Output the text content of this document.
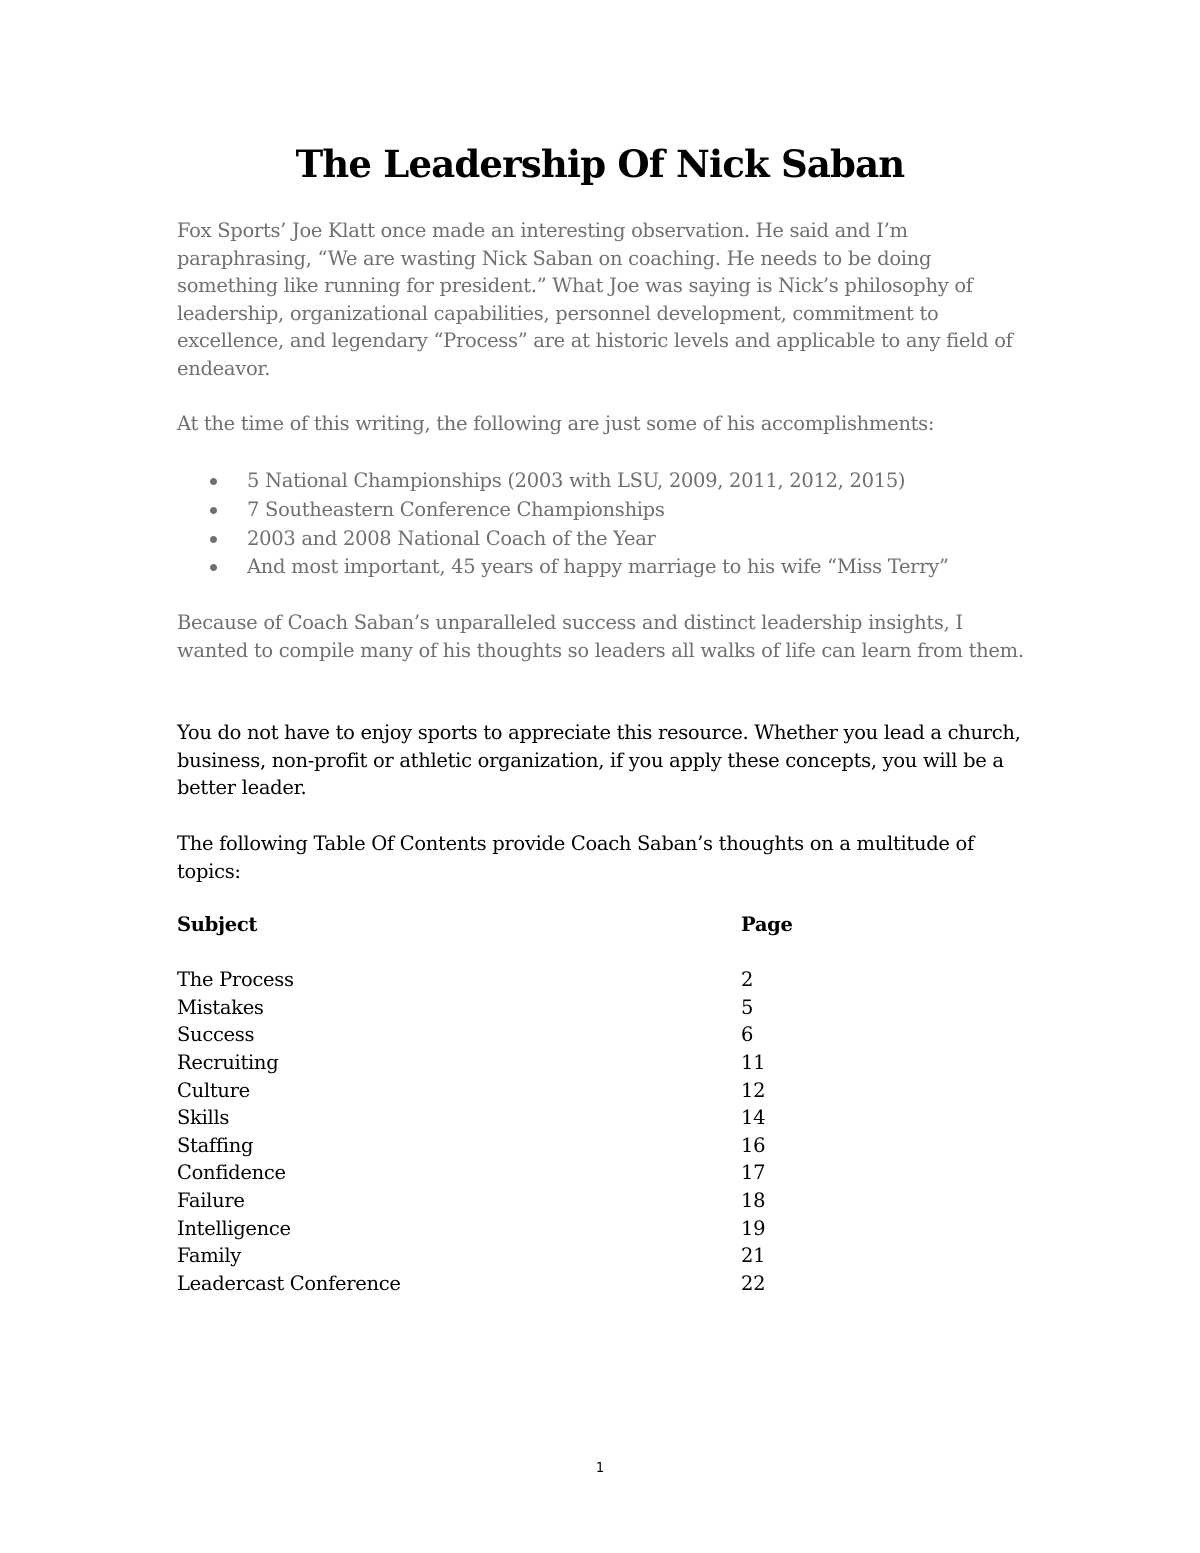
The Leadership Of Nick Saban

Fox Sports’ Joe Klatt once made an interesting observation. He said and I’m paraphrasing, “We are wasting Nick Saban on coaching. He needs to be doing something like running for president.” What Joe was saying is Nick’s philosophy of leadership, organizational capabilities, personnel development, commitment to excellence, and legendary “Process” are at historic levels and applicable to any field of endeavor.

At the time of this writing, the following are just some of his accomplishments:

5 National Championships (2003 with LSU, 2009, 2011, 2012, 2015)
7 Southeastern Conference Championships
2003 and 2008 National Coach of the Year
And most important, 45 years of happy marriage to his wife “Miss Terry”

Because of Coach Saban’s unparalleled success and distinct leadership insights, I wanted to compile many of his thoughts so leaders all walks of life can learn from them.

You do not have to enjoy sports to appreciate this resource. Whether you lead a church, business, non-profit or athletic organization, if you apply these concepts, you will be a better leader.

The following Table Of Contents provide Coach Saban’s thoughts on a multitude of topics:

Subject	Page
The Process	2
Mistakes	5
Success	6
Recruiting	11
Culture	12
Skills	14
Staffing	16
Confidence	17
Failure	18
Intelligence	19
Family	21
Leadercast Conference	22
1
